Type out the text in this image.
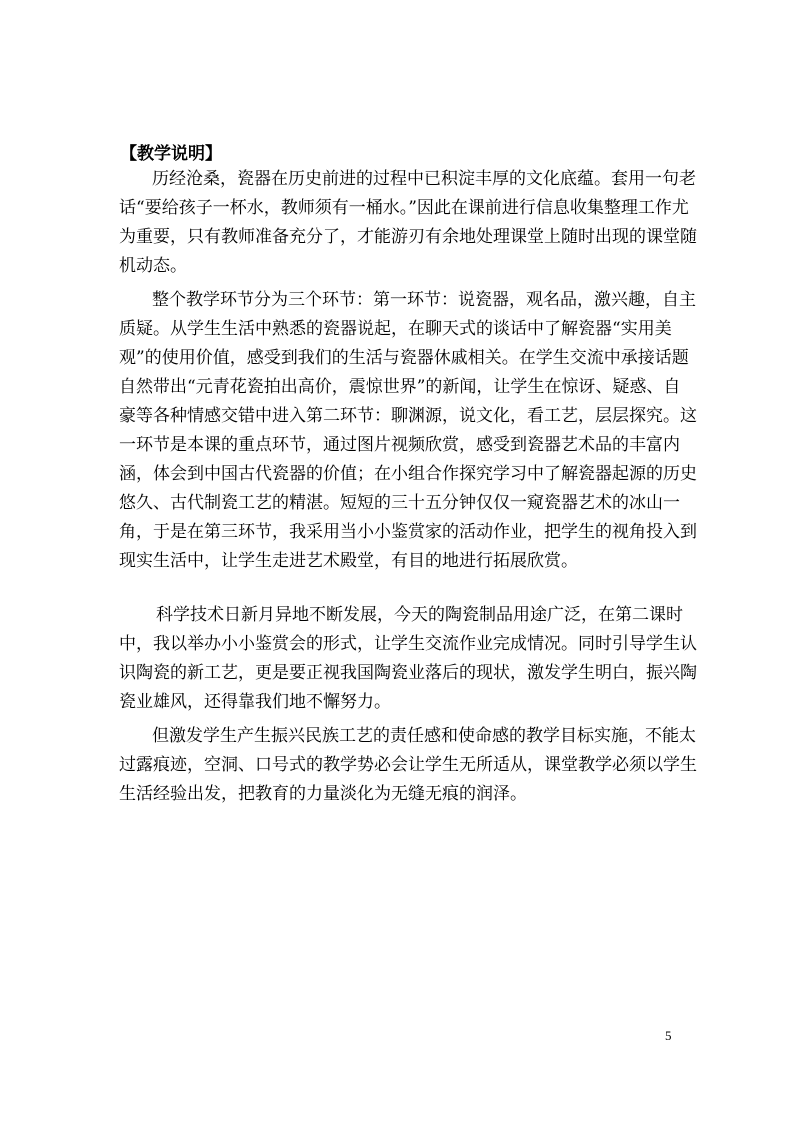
【教学说明】
历经沧桑，瓷器在历史前进的过程中已积淀丰厚的文化底蕴。套用一句老
话“要给孩子一杯水，教师须有一桶水。”因此在课前进行信息收集整理工作尤
为重要，只有教师准备充分了，才能游刃有余地处理课堂上随时出现的课堂随
机动态。
整个教学环节分为三个环节：第一环节：说瓷器，观名品，激兴趣，自主
质疑。从学生生活中熟悉的瓷器说起，在聊天式的谈话中了解瓷器“实用美
观”的使用价值，感受到我们的生活与瓷器休戚相关。在学生交流中承接话题
自然带出“元青花瓷拍出高价，震惊世界”的新闻，让学生在惊讶、疑惑、自
豪等各种情感交错中进入第二环节：聊渊源，说文化，看工艺，层层探究。这
一环节是本课的重点环节，通过图片视频欣赏，感受到瓷器艺术品的丰富内
涵，体会到中国古代瓷器的价值；在小组合作探究学习中了解瓷器起源的历史
悠久、古代制瓷工艺的精湛。短短的三十五分钟仅仅一窥瓷器艺术的冰山一
角，于是在第三环节，我采用当小小鉴赏家的活动作业，把学生的视角投入到
现实生活中，让学生走进艺术殿堂，有目的地进行拓展欣赏。
科学技术日新月异地不断发展，今天的陶瓷制品用途广泛，在第二课时
中，我以举办小小鉴赏会的形式，让学生交流作业完成情况。同时引导学生认
识陶瓷的新工艺，更是要正视我国陶瓷业落后的现状，激发学生明白，振兴陶
瓷业雄风，还得靠我们地不懈努力。
但激发学生产生振兴民族工艺的责任感和使命感的教学目标实施，不能太
过露痕迹，空洞、口号式的教学势必会让学生无所适从，课堂教学必须以学生
生活经验出发，把教育的力量淡化为无缝无痕的润泽。
5
